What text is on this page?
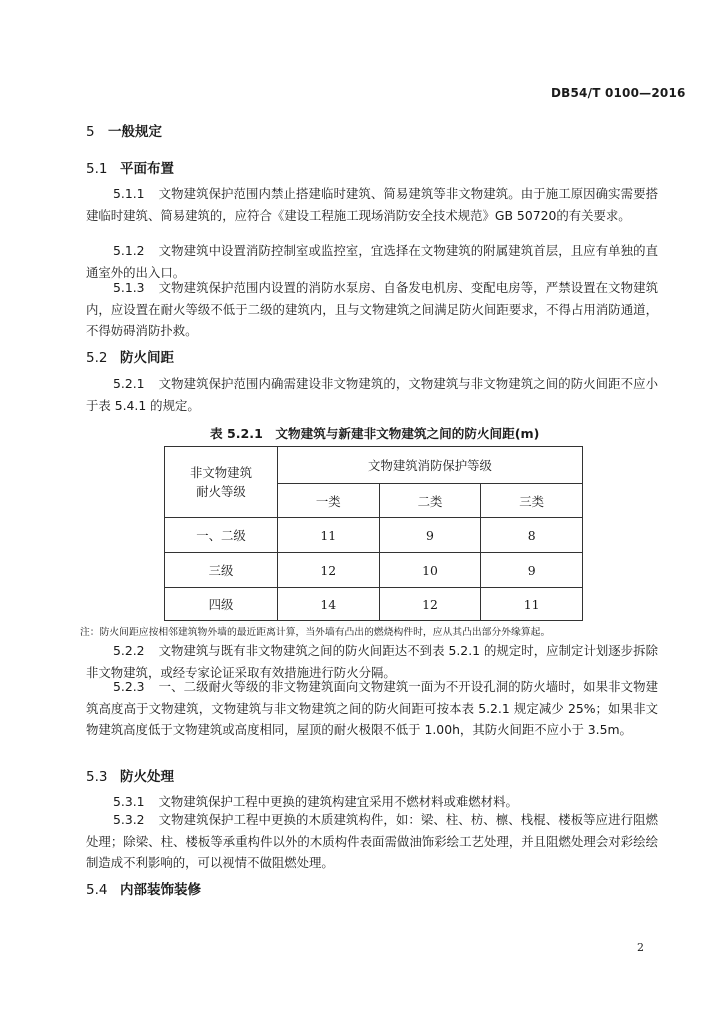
DB54/T 0100—2016
5 一般规定
5.1 平面布置
5.1.1 文物建筑保护范围内禁止搭建临时建筑、简易建筑等非文物建筑。由于施工原因确实需要搭建临时建筑、简易建筑的，应符合《建设工程施工现场消防安全技术规范》GB 50720的有关要求。
5.1.2 文物建筑中设置消防控制室或监控室，宜选择在文物建筑的附属建筑首层，且应有单独的直通室外的出入口。
5.1.3 文物建筑保护范围内设置的消防水泵房、自备发电机房、变配电房等，严禁设置在文物建筑内，应设置在耐火等级不低于二级的建筑内，且与文物建筑之间满足防火间距要求，不得占用消防通道，不得妨碍消防扑救。
5.2 防火间距
5.2.1 文物建筑保护范围内确需建设非文物建筑的，文物建筑与非文物建筑之间的防火间距不应小于表 5.4.1 的规定。
表 5.2.1　文物建筑与新建非文物建筑之间的防火间距(m)
非文物建筑
耐火等级	文物建筑消防保护等级		
	一类	二类	三类
一、二级	11	9	8
三级	12	10	9
四级	14	12	11
注：防火间距应按相邻建筑物外墙的最近距离计算，当外墙有凸出的燃烧构件时，应从其凸出部分外缘算起。
5.2.2 文物建筑与既有非文物建筑之间的防火间距达不到表 5.2.1 的规定时，应制定计划逐步拆除非文物建筑，或经专家论证采取有效措施进行防火分隔。
5.2.3 一、二级耐火等级的非文物建筑面向文物建筑一面为不开设孔洞的防火墙时，如果非文物建筑高度高于文物建筑，文物建筑与非文物建筑之间的防火间距可按本表 5.2.1 规定减少 25%；如果非文物建筑高度低于文物建筑或高度相同，屋顶的耐火极限不低于 1.00h，其防火间距不应小于 3.5m。
5.3 防火处理
5.3.1 文物建筑保护工程中更换的建筑构建宜采用不燃材料或难燃材料。
5.3.2 文物建筑保护工程中更换的木质建筑构件，如：梁、柱、枋、檩、栈棍、楼板等应进行阻燃处理；除梁、柱、楼板等承重构件以外的木质构件表面需做油饰彩绘工艺处理，并且阻燃处理会对彩绘绘制造成不利影响的，可以视情不做阻燃处理。
5.4 内部装饰装修
2
